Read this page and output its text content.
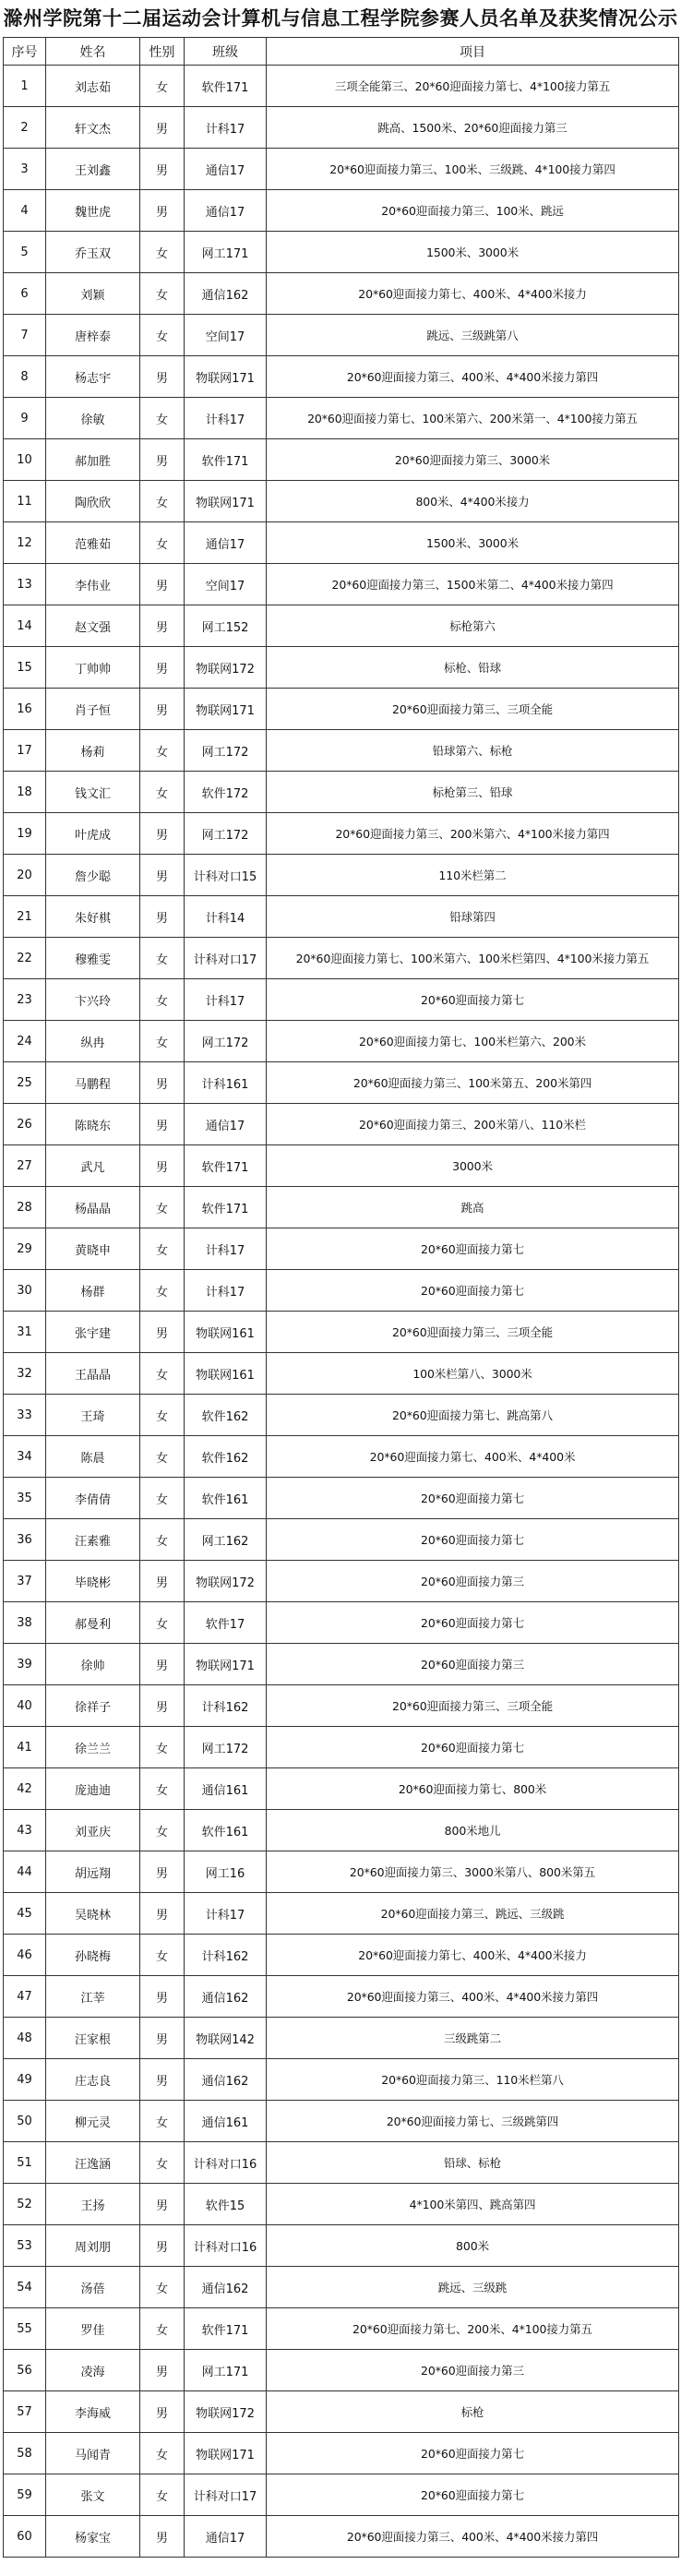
滁州学院第十二届运动会计算机与信息工程学院参赛人员名单及获奖情况公示
序号	姓名	性别	班级	项目
1	刘志茹	女	软件171	三项全能第三、20*60迎面接力第七、4*100接力第五
2	轩文杰	男	计科17	跳高、1500米、20*60迎面接力第三
3	王刘鑫	男	通信17	20*60迎面接力第三、100米、三级跳、4*100接力第四
4	魏世虎	男	通信17	20*60迎面接力第三、100米、跳远
5	乔玉双	女	网工171	1500米、3000米
6	刘颖	女	通信162	20*60迎面接力第七、400米、4*400米接力
7	唐梓泰	女	空间17	跳远、三级跳第八
8	杨志宇	男	物联网171	20*60迎面接力第三、400米、4*400米接力第四
9	徐敏	女	计科17	20*60迎面接力第七、100米第六、200米第一、4*100接力第五
10	郝加胜	男	软件171	20*60迎面接力第三、3000米
11	陶欣欣	女	物联网171	800米、4*400米接力
12	范雅茹	女	通信17	1500米、3000米
13	李伟业	男	空间17	20*60迎面接力第三、1500米第二、4*400米接力第四
14	赵文强	男	网工152	标枪第六
15	丁帅帅	男	物联网172	标枪、铅球
16	肖子恒	男	物联网171	20*60迎面接力第三、三项全能
17	杨莉	女	网工172	铅球第六、标枪
18	钱文汇	女	软件172	标枪第三、铅球
19	叶虎成	男	网工172	20*60迎面接力第三、200米第六、4*100米接力第四
20	詹少聪	男	计科对口15	110米栏第二
21	朱好棋	男	计科14	铅球第四
22	穆雅雯	女	计科对口17	20*60迎面接力第七、100米第六、100米栏第四、4*100米接力第五
23	卞兴玲	女	计科17	20*60迎面接力第七
24	纵冉	女	网工172	20*60迎面接力第七、100米栏第六、200米
25	马鹏程	男	计科161	20*60迎面接力第三、100米第五、200米第四
26	陈晓东	男	通信17	20*60迎面接力第三、200米第八、110米栏
27	武凡	男	软件171	3000米
28	杨晶晶	女	软件171	跳高
29	黄晓申	女	计科17	20*60迎面接力第七
30	杨群	女	计科17	20*60迎面接力第七
31	张宇建	男	物联网161	20*60迎面接力第三、三项全能
32	王晶晶	女	物联网161	100米栏第八、3000米
33	王琦	女	软件162	20*60迎面接力第七、跳高第八
34	陈晨	女	软件162	20*60迎面接力第七、400米、4*400米
35	李倩倩	女	软件161	20*60迎面接力第七
36	汪素雅	女	网工162	20*60迎面接力第七
37	毕晓彬	男	物联网172	20*60迎面接力第三
38	郝曼利	女	软件17	20*60迎面接力第七
39	徐帅	男	物联网171	20*60迎面接力第三
40	徐祥子	男	计科162	20*60迎面接力第三、三项全能
41	徐兰兰	女	网工172	20*60迎面接力第七
42	庞迪迪	女	通信161	20*60迎面接力第七、800米
43	刘亚庆	女	软件161	800米地儿
44	胡远翔	男	网工16	20*60迎面接力第三、3000米第八、800米第五
45	吴晓林	男	计科17	20*60迎面接力第三、跳远、三级跳
46	孙晓梅	女	计科162	20*60迎面接力第七、400米、4*400米接力
47	江莘	男	通信162	20*60迎面接力第三、400米、4*400米接力第四
48	汪家根	男	物联网142	三级跳第二
49	庄志良	男	通信162	20*60迎面接力第三、110米栏第八
50	柳元灵	女	通信161	20*60迎面接力第七、三级跳第四
51	汪逸涵	女	计科对口16	铅球、标枪
52	王扬	男	软件15	4*100米第四、跳高第四
53	周刘朋	男	计科对口16	800米
54	汤蓓	女	通信162	跳远、三级跳
55	罗佳	女	软件171	20*60迎面接力第七、200米、4*100接力第五
56	凌海	男	网工171	20*60迎面接力第三
57	李海威	男	物联网172	标枪
58	马闻青	女	物联网171	20*60迎面接力第七
59	张文	女	计科对口17	20*60迎面接力第七
60	杨家宝	男	通信17	20*60迎面接力第三、400米、4*400米接力第四
